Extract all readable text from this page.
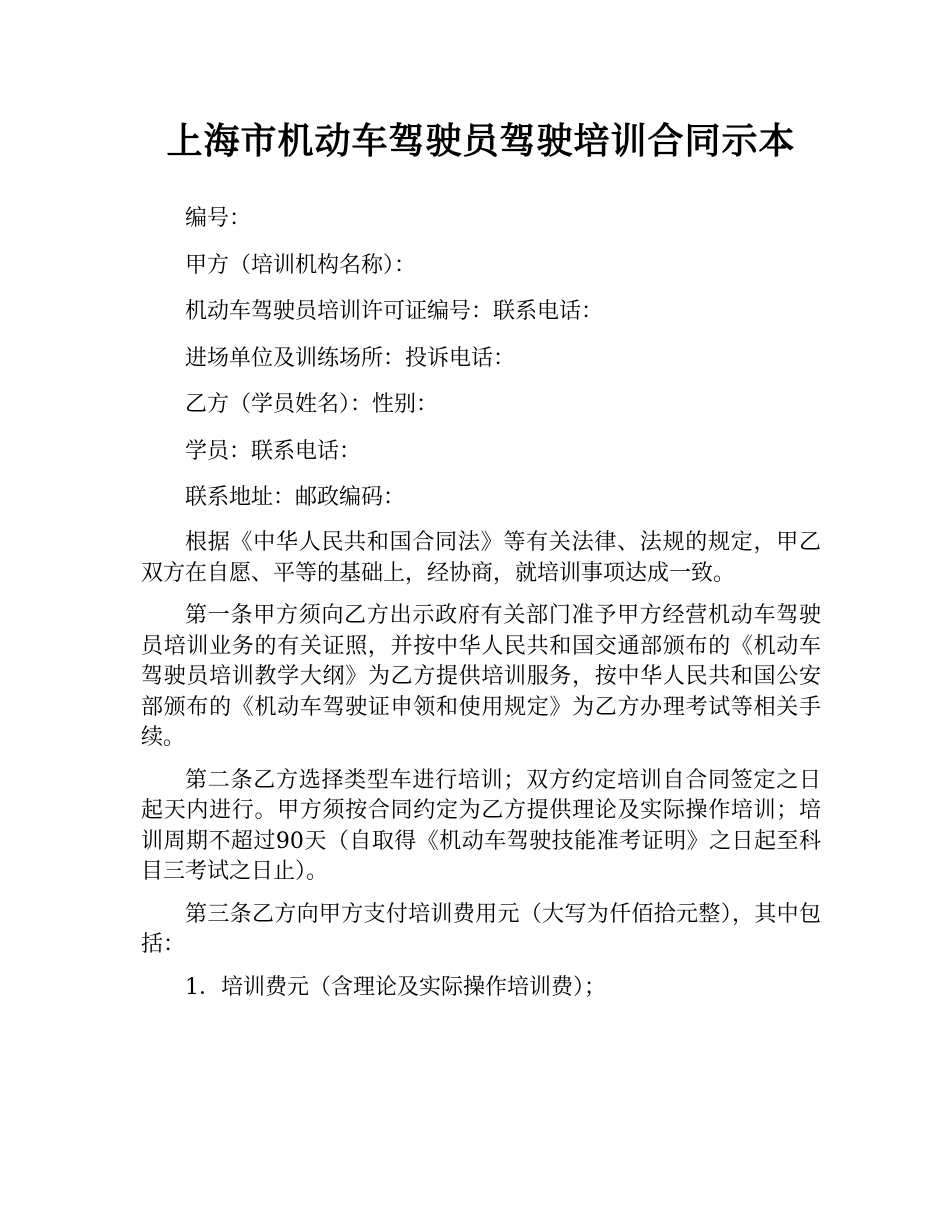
上海市机动车驾驶员驾驶培训合同示本

编号：

甲方（培训机构名称）：

机动车驾驶员培训许可证编号：联系电话：

进场单位及训练场所：投诉电话：

乙方（学员姓名）：性别：

学员：联系电话：

联系地址：邮政编码：

根据《中华人民共和国合同法》等有关法律、法规的规定，甲乙双方在自愿、平等的基础上，经协商，就培训事项达成一致。

第一条甲方须向乙方出示政府有关部门准予甲方经营机动车驾驶员培训业务的有关证照，并按中华人民共和国交通部颁布的《机动车驾驶员培训教学大纲》为乙方提供培训服务，按中华人民共和国公安部颁布的《机动车驾驶证申领和使用规定》为乙方办理考试等相关手续。

第二条乙方选择类型车进行培训；双方约定培训自合同签定之日起天内进行。甲方须按合同约定为乙方提供理论及实际操作培训；培训周期不超过90天（自取得《机动车驾驶技能准考证明》之日起至科目三考试之日止）。

第三条乙方向甲方支付培训费用元（大写为仟佰拾元整），其中包括：

1．培训费元（含理论及实际操作培训费）；
